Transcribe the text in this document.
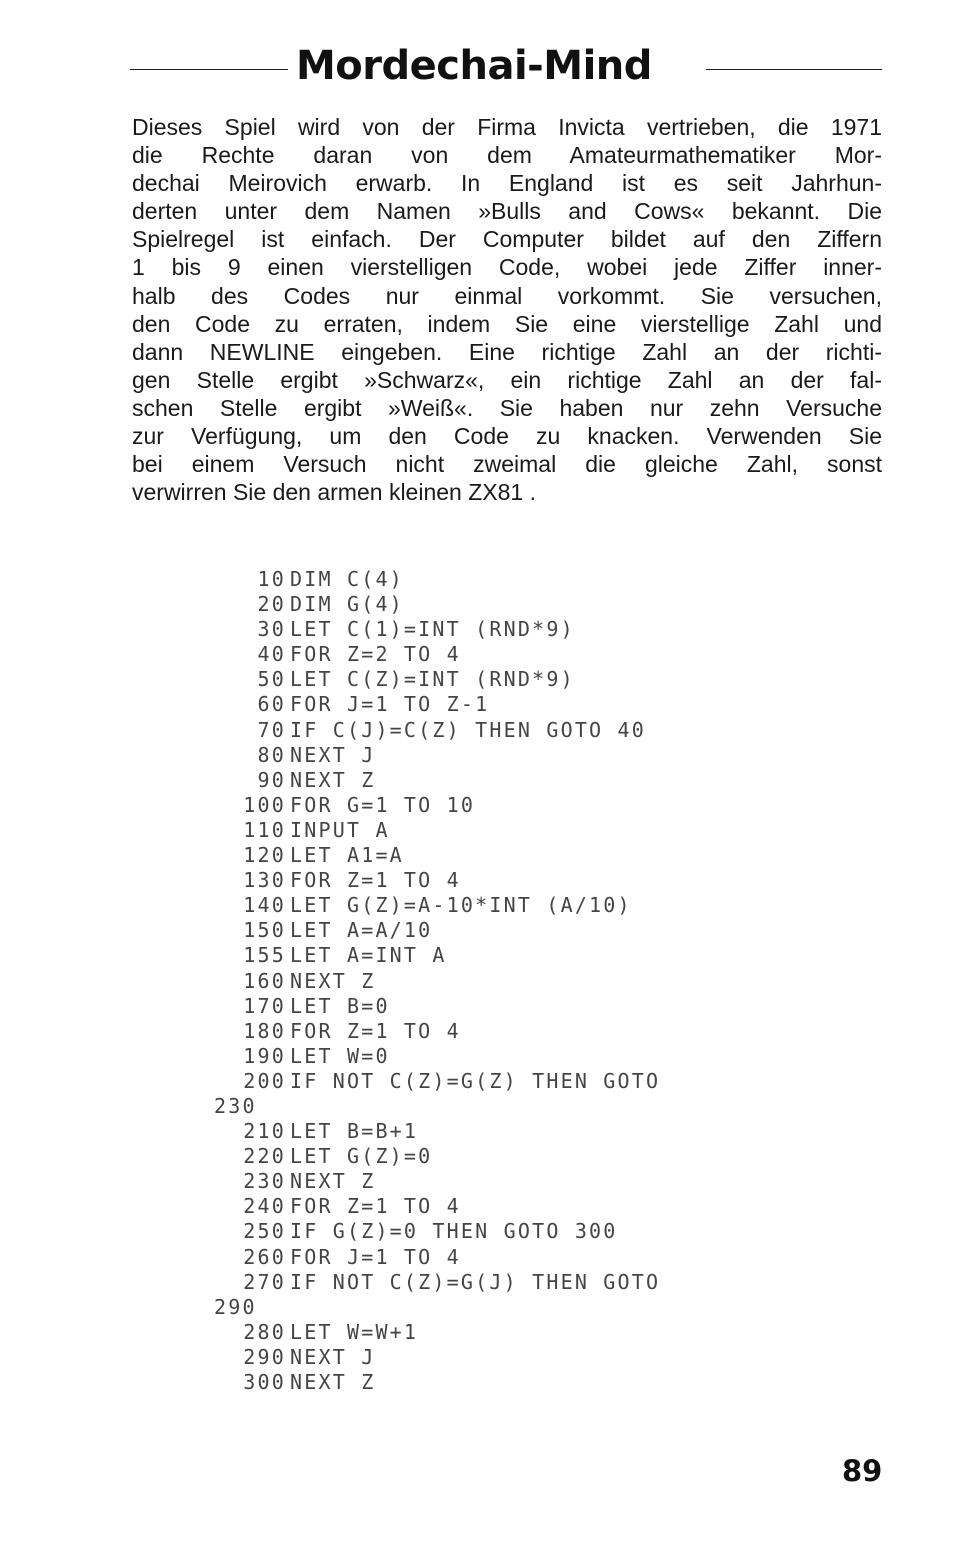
Mordechai-Mind
Dieses Spiel wird von der Firma Invicta vertrieben, die 1971
die Rechte daran von dem Amateurmathematiker Mor-
dechai Meirovich erwarb. In England ist es seit Jahrhun-
derten unter dem Namen »Bulls and Cows« bekannt. Die
Spielregel ist einfach. Der Computer bildet auf den Ziffern
1 bis 9 einen vierstelligen Code, wobei jede Ziffer inner-
halb des Codes nur einmal vorkommt. Sie versuchen,
den Code zu erraten, indem Sie eine vierstellige Zahl und
dann NEWLINE eingeben. Eine richtige Zahl an der richti-
gen Stelle ergibt »Schwarz«, ein richtige Zahl an der fal-
schen Stelle ergibt »Weiß«. Sie haben nur zehn Versuche
zur Verfügung, um den Code zu knacken. Verwenden Sie
bei einem Versuch nicht zweimal die gleiche Zahl, sonst
verwirren Sie den armen kleinen ZX81 .
10 DIM C(4)
20 DIM G(4)
30 LET C(1)=INT (RND*9)
40 FOR Z=2 TO 4
50 LET C(Z)=INT (RND*9)
60 FOR J=1 TO Z-1
70 IF C(J)=C(Z) THEN GOTO 40
80 NEXT J
90 NEXT Z
100 FOR G=1 TO 10
110 INPUT A
120 LET A1=A
130 FOR Z=1 TO 4
140 LET G(Z)=A-10*INT (A/10)
150 LET A=A/10
155 LET A=INT A
160 NEXT Z
170 LET B=0
180 FOR Z=1 TO 4
190 LET W=0
200 IF NOT C(Z)=G(Z) THEN GOTO
230
210 LET B=B+1
220 LET G(Z)=0
230 NEXT Z
240 FOR Z=1 TO 4
250 IF G(Z)=0 THEN GOTO 300
260 FOR J=1 TO 4
270 IF NOT C(Z)=G(J) THEN GOTO
290
280 LET W=W+1
290 NEXT J
300 NEXT Z
89
